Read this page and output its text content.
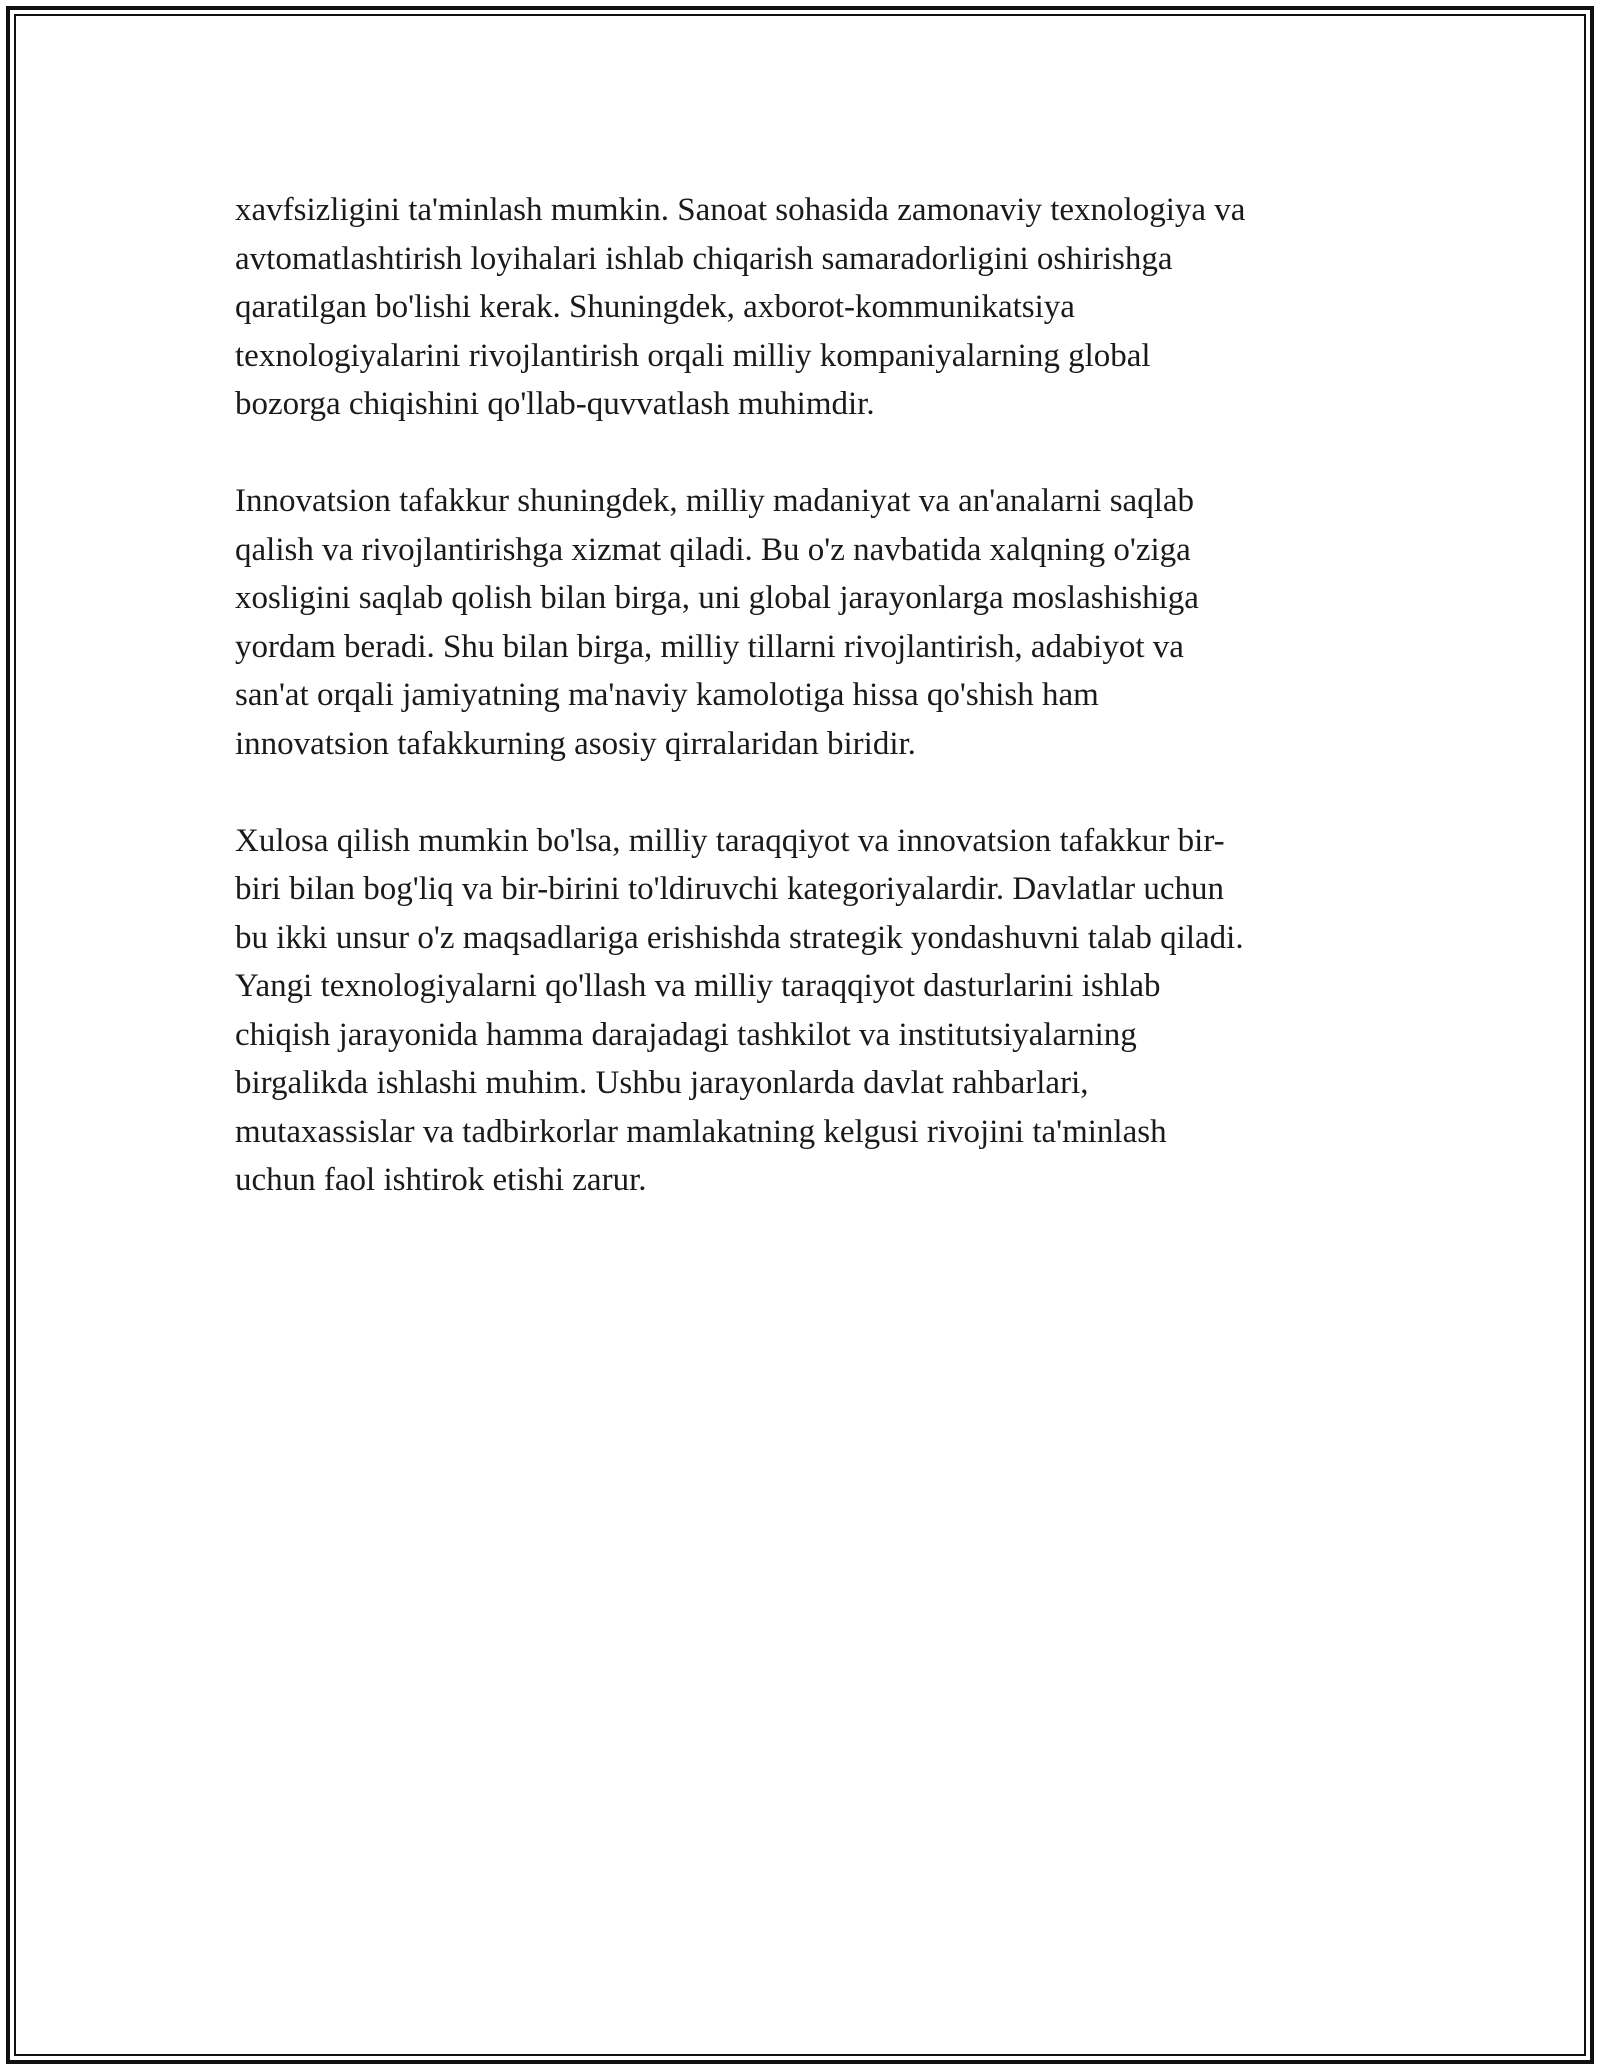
xavfsizligini ta'minlash mumkin. Sanoat sohasida zamonaviy texnologiya va
avtomatlashtirish loyihalari ishlab chiqarish samaradorligini oshirishga
qaratilgan bo'lishi kerak. Shuningdek, axborot-kommunikatsiya
texnologiyalarini rivojlantirish orqali milliy kompaniyalarning global
bozorga chiqishini qo'llab-quvvatlash muhimdir.
Innovatsion tafakkur shuningdek, milliy madaniyat va an'analarni saqlab
qalish va rivojlantirishga xizmat qiladi. Bu o'z navbatida xalqning o'ziga
xosligini saqlab qolish bilan birga, uni global jarayonlarga moslashishiga
yordam beradi. Shu bilan birga, milliy tillarni rivojlantirish, adabiyot va
san'at orqali jamiyatning ma'naviy kamolotiga hissa qo'shish ham
innovatsion tafakkurning asosiy qirralaridan biridir.
Xulosa qilish mumkin bo'lsa, milliy taraqqiyot va innovatsion tafakkur bir-
biri bilan bog'liq va bir-birini to'ldiruvchi kategoriyalardir. Davlatlar uchun
bu ikki unsur o'z maqsadlariga erishishda strategik yondashuvni talab qiladi.
Yangi texnologiyalarni qo'llash va milliy taraqqiyot dasturlarini ishlab
chiqish jarayonida hamma darajadagi tashkilot va institutsiyalarning
birgalikda ishlashi muhim. Ushbu jarayonlarda davlat rahbarlari,
mutaxassislar va tadbirkorlar mamlakatning kelgusi rivojini ta'minlash
uchun faol ishtirok etishi zarur.
